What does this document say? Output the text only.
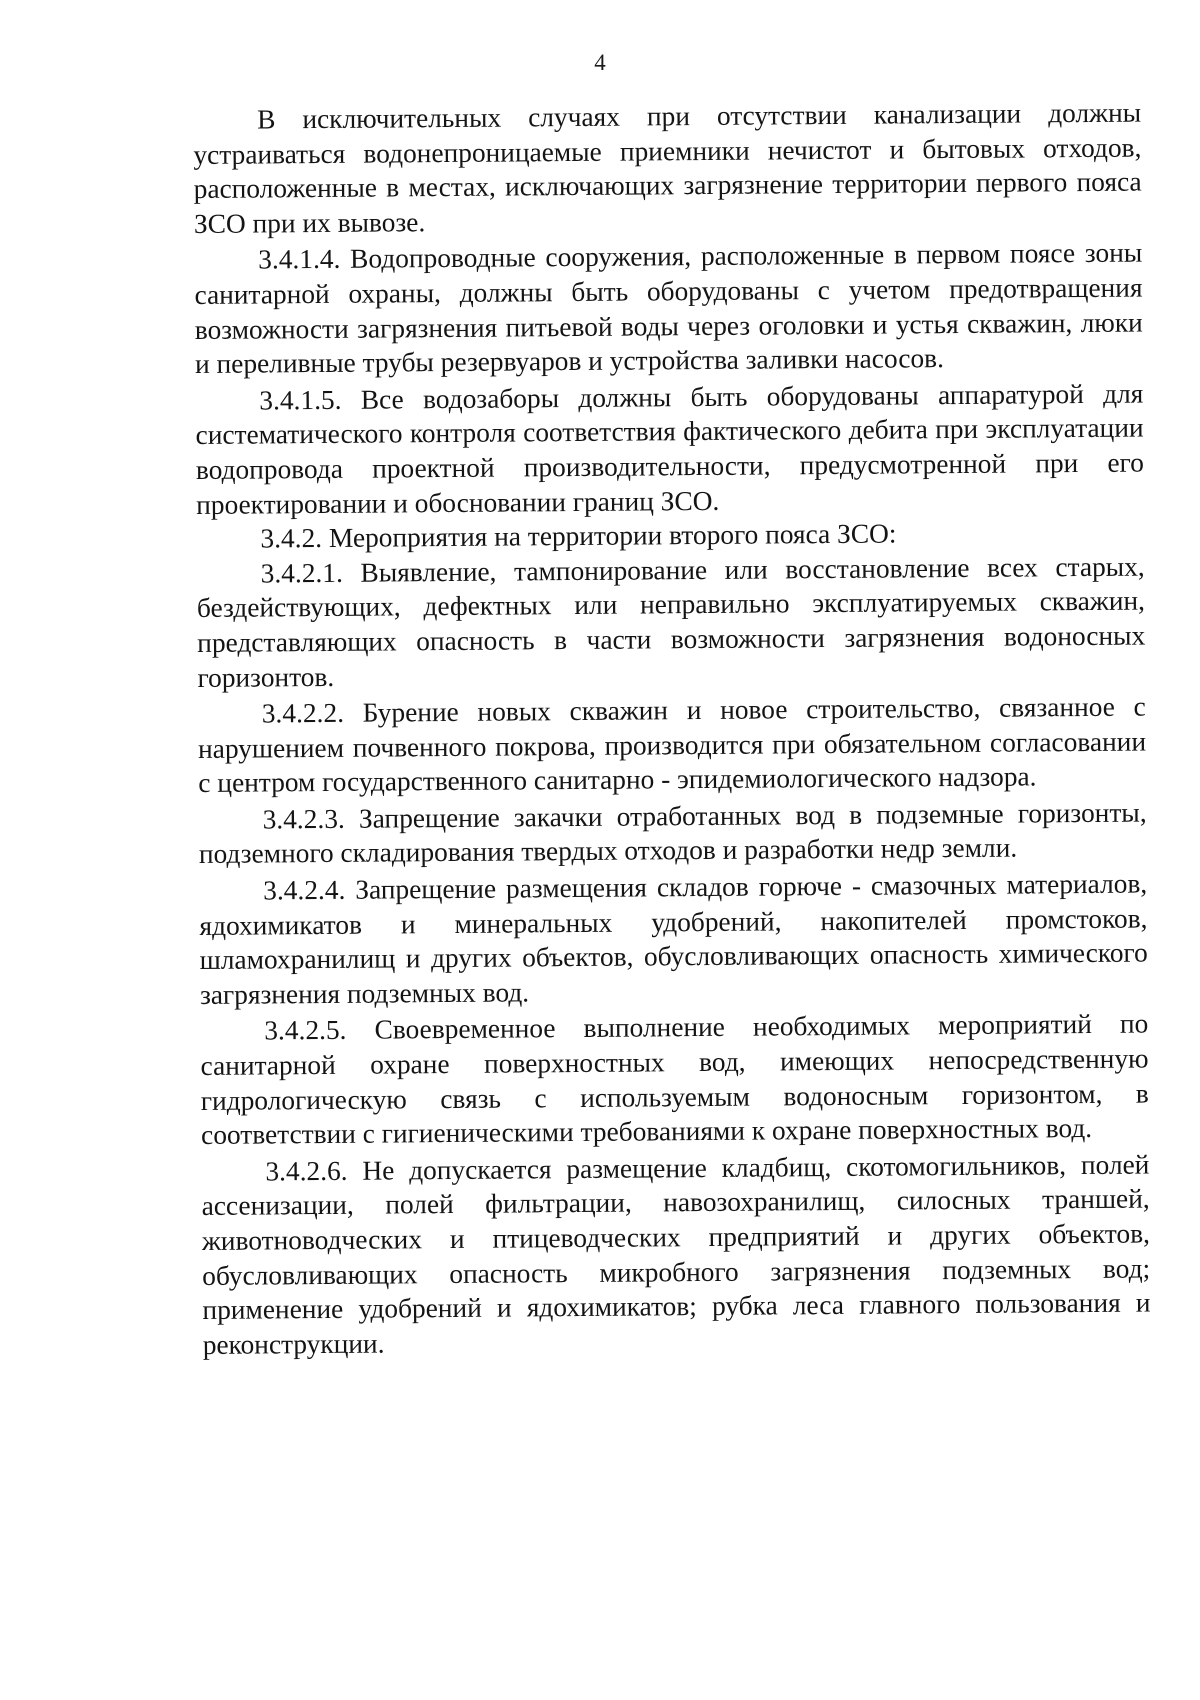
4

В исключительных случаях при отсутствии канализации должны устраиваться водонепроницаемые приемники нечистот и бытовых отходов, расположенные в местах, исключающих загрязнение территории первого пояса ЗСО при их вывозе.

3.4.1.4. Водопроводные сооружения, расположенные в первом поясе зоны санитарной охраны, должны быть оборудованы с учетом предотвращения возможности загрязнения питьевой воды через оголовки и устья скважин, люки и переливные трубы резервуаров и устройства заливки насосов.

3.4.1.5. Все водозаборы должны быть оборудованы аппаратурой для систематического контроля соответствия фактического дебита при эксплуатации водопровода проектной производительности, предусмотренной при его проектировании и обосновании границ ЗСО.

3.4.2. Мероприятия на территории второго пояса ЗСО:

3.4.2.1. Выявление, тампонирование или восстановление всех старых, бездействующих, дефектных или неправильно эксплуатируемых скважин, представляющих опасность в части возможности загрязнения водоносных горизонтов.

3.4.2.2. Бурение новых скважин и новое строительство, связанное с нарушением почвенного покрова, производится при обязательном согласовании с центром государственного санитарно - эпидемиологического надзора.

3.4.2.3. Запрещение закачки отработанных вод в подземные горизонты, подземного складирования твердых отходов и разработки недр земли.

3.4.2.4. Запрещение размещения складов горюче - смазочных материалов, ядохимикатов и минеральных удобрений, накопителей промстоков, шламохранилищ и других объектов, обусловливающих опасность химического загрязнения подземных вод.

3.4.2.5. Своевременное выполнение необходимых мероприятий по санитарной охране поверхностных вод, имеющих непосредственную гидрологическую связь с используемым водоносным горизонтом, в соответствии с гигиеническими требованиями к охране поверхностных вод.

3.4.2.6. Не допускается размещение кладбищ, скотомогильников, полей ассенизации, полей фильтрации, навозохранилищ, силосных траншей, животноводческих и птицеводческих предприятий и других объектов, обусловливающих опасность микробного загрязнения подземных вод; применение удобрений и ядохимикатов; рубка леса главного пользования и реконструкции.
